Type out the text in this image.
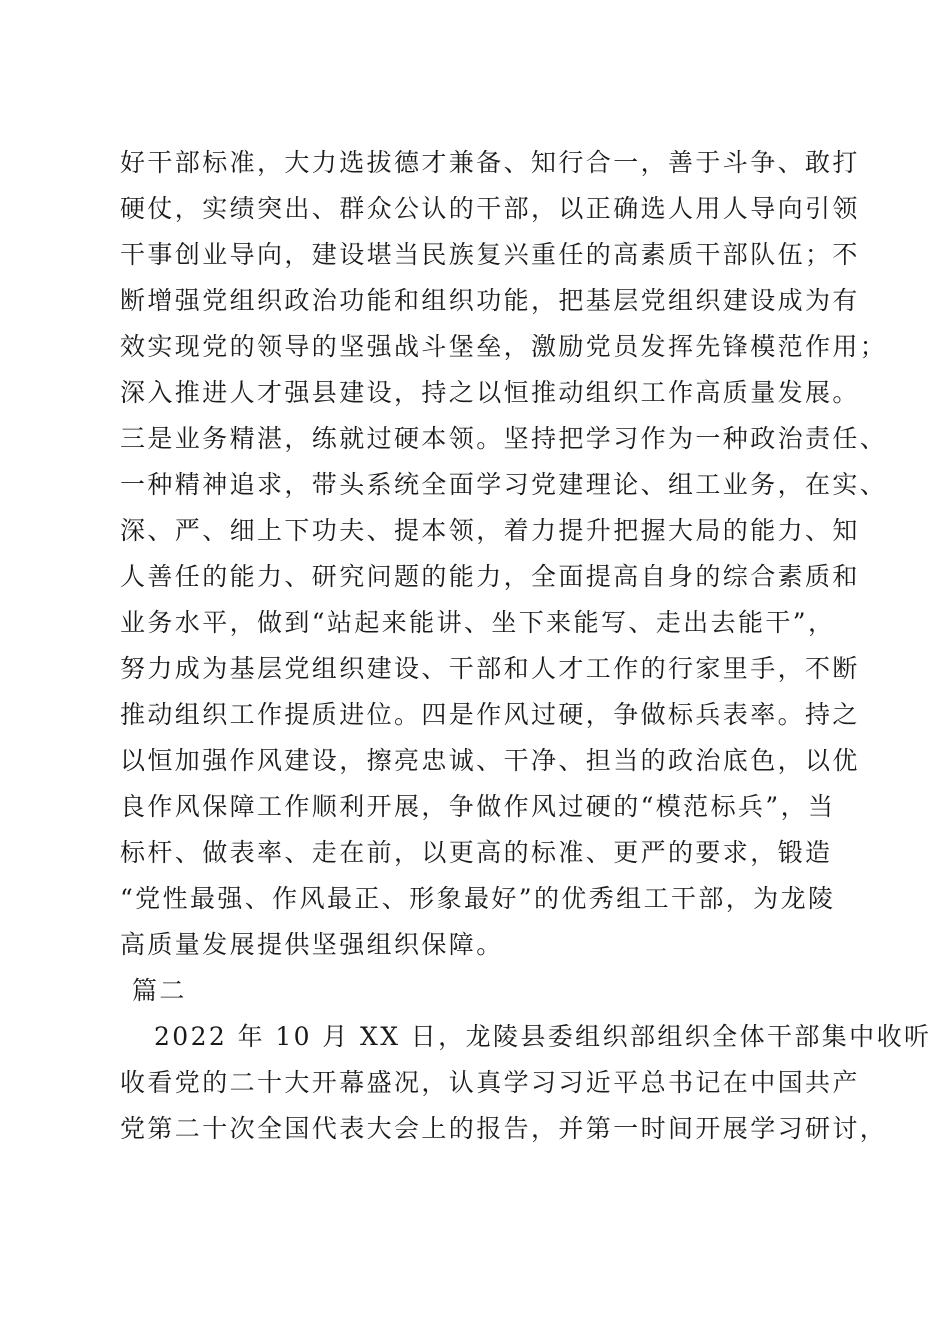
好干部标准，大力选拔德才兼备、知行合一，善于斗争、敢打
硬仗，实绩突出、群众公认的干部，以正确选人用人导向引领
干事创业导向，建设堪当民族复兴重任的高素质干部队伍；不
断增强党组织政治功能和组织功能，把基层党组织建设成为有
效实现党的领导的坚强战斗堡垒，激励党员发挥先锋模范作用；
深入推进人才强县建设，持之以恒推动组织工作高质量发展。
三是业务精湛，练就过硬本领。坚持把学习作为一种政治责任、
一种精神追求，带头系统全面学习党建理论、组工业务，在实、
深、严、细上下功夫、提本领，着力提升把握大局的能力、知
人善任的能力、研究问题的能力，全面提高自身的综合素质和
业务水平，做到“站起来能讲、坐下来能写、走出去能干”，
努力成为基层党组织建设、干部和人才工作的行家里手，不断
推动组织工作提质进位。四是作风过硬，争做标兵表率。持之
以恒加强作风建设，擦亮忠诚、干净、担当的政治底色，以优
良作风保障工作顺利开展，争做作风过硬的“模范标兵”，当
标杆、做表率、走在前，以更高的标准、更严的要求，锻造
“党性最强、作风最正、形象最好”的优秀组工干部，为龙陵
高质量发展提供坚强组织保障。
篇二
2022 年 10 月 XX 日，龙陵县委组织部组织全体干部集中收听
收看党的二十大开幕盛况，认真学习习近平总书记在中国共产
党第二十次全国代表大会上的报告，并第一时间开展学习研讨，
